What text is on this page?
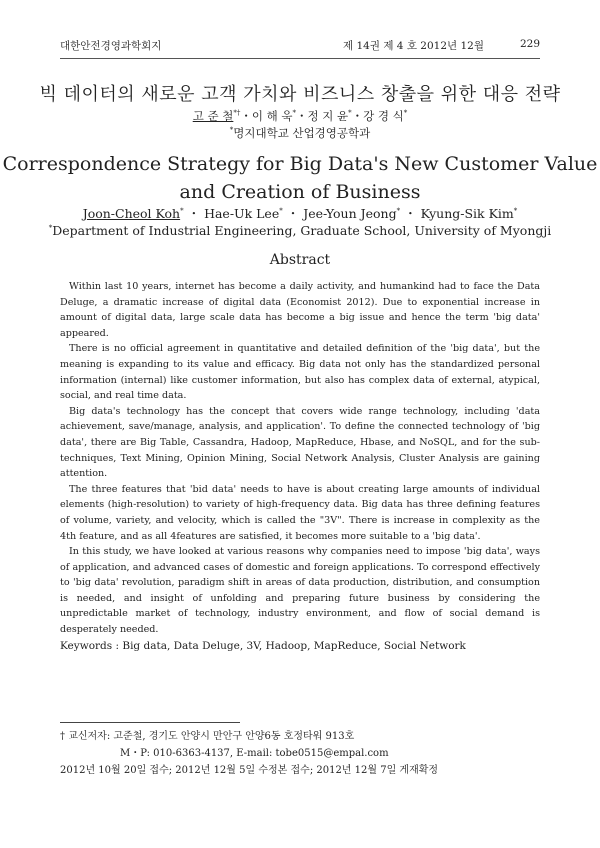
대한안전경영과학회지	제 14권 제 4 호 2012년 12월	229
빅 데이터의 새로운 고객 가치와 비즈니스 창출을 위한 대응 전략
고 준 철*†・이 해 욱*・정 지 윤*・강 경 식*
*명지대학교 산업경영공학과
Correspondence Strategy for Big Data's New Customer Value
and Creation of Business
Joon-Cheol Koh* ・ Hae-Uk Lee* ・ Jee-Youn Jeong* ・ Kyung-Sik Kim*
*Department of Industrial Engineering, Graduate School, University of Myongji
Abstract

Within last 10 years, internet has become a daily activity, and humankind had to face the Data Deluge, a dramatic increase of digital data (Economist 2012). Due to exponential increase in amount of digital data, large scale data has become a big issue and hence the term 'big data' appeared.

There is no official agreement in quantitative and detailed definition of the 'big data', but the meaning is expanding to its value and efficacy. Big data not only has the standardized personal information (internal) like customer information, but also has complex data of external, atypical, social, and real time data.

Big data's technology has the concept that covers wide range technology, including 'data achievement, save/manage, analysis, and application'. To define the connected technology of 'big data', there are Big Table, Cassandra, Hadoop, MapReduce, Hbase, and NoSQL, and for the sub-techniques, Text Mining, Opinion Mining, Social Network Analysis, Cluster Analysis are gaining attention.

The three features that 'bid data' needs to have is about creating large amounts of individual elements (high-resolution) to variety of high-frequency data. Big data has three defining features of volume, variety, and velocity, which is called the "3V". There is increase in complexity as the 4th feature, and as all 4features are satisfied, it becomes more suitable to a 'big data'.

In this study, we have looked at various reasons why companies need to impose 'big data', ways of application, and advanced cases of domestic and foreign applications. To correspond effectively to 'big data' revolution, paradigm shift in areas of data production, distribution, and consumption is needed, and insight of unfolding and preparing future business by considering the unpredictable market of technology, industry environment, and flow of social demand is desperately needed.

Keywords : Big data, Data Deluge, 3V, Hadoop, MapReduce, Social Network
† 교신저자: 고준철, 경기도 안양시 만안구 안양6동 호정타워 913호
M・P: 010-6363-4137, E-mail: tobe0515@empal.com
2012년 10월 20일 접수; 2012년 12월 5일 수정본 접수; 2012년 12월 7일 게재확정
